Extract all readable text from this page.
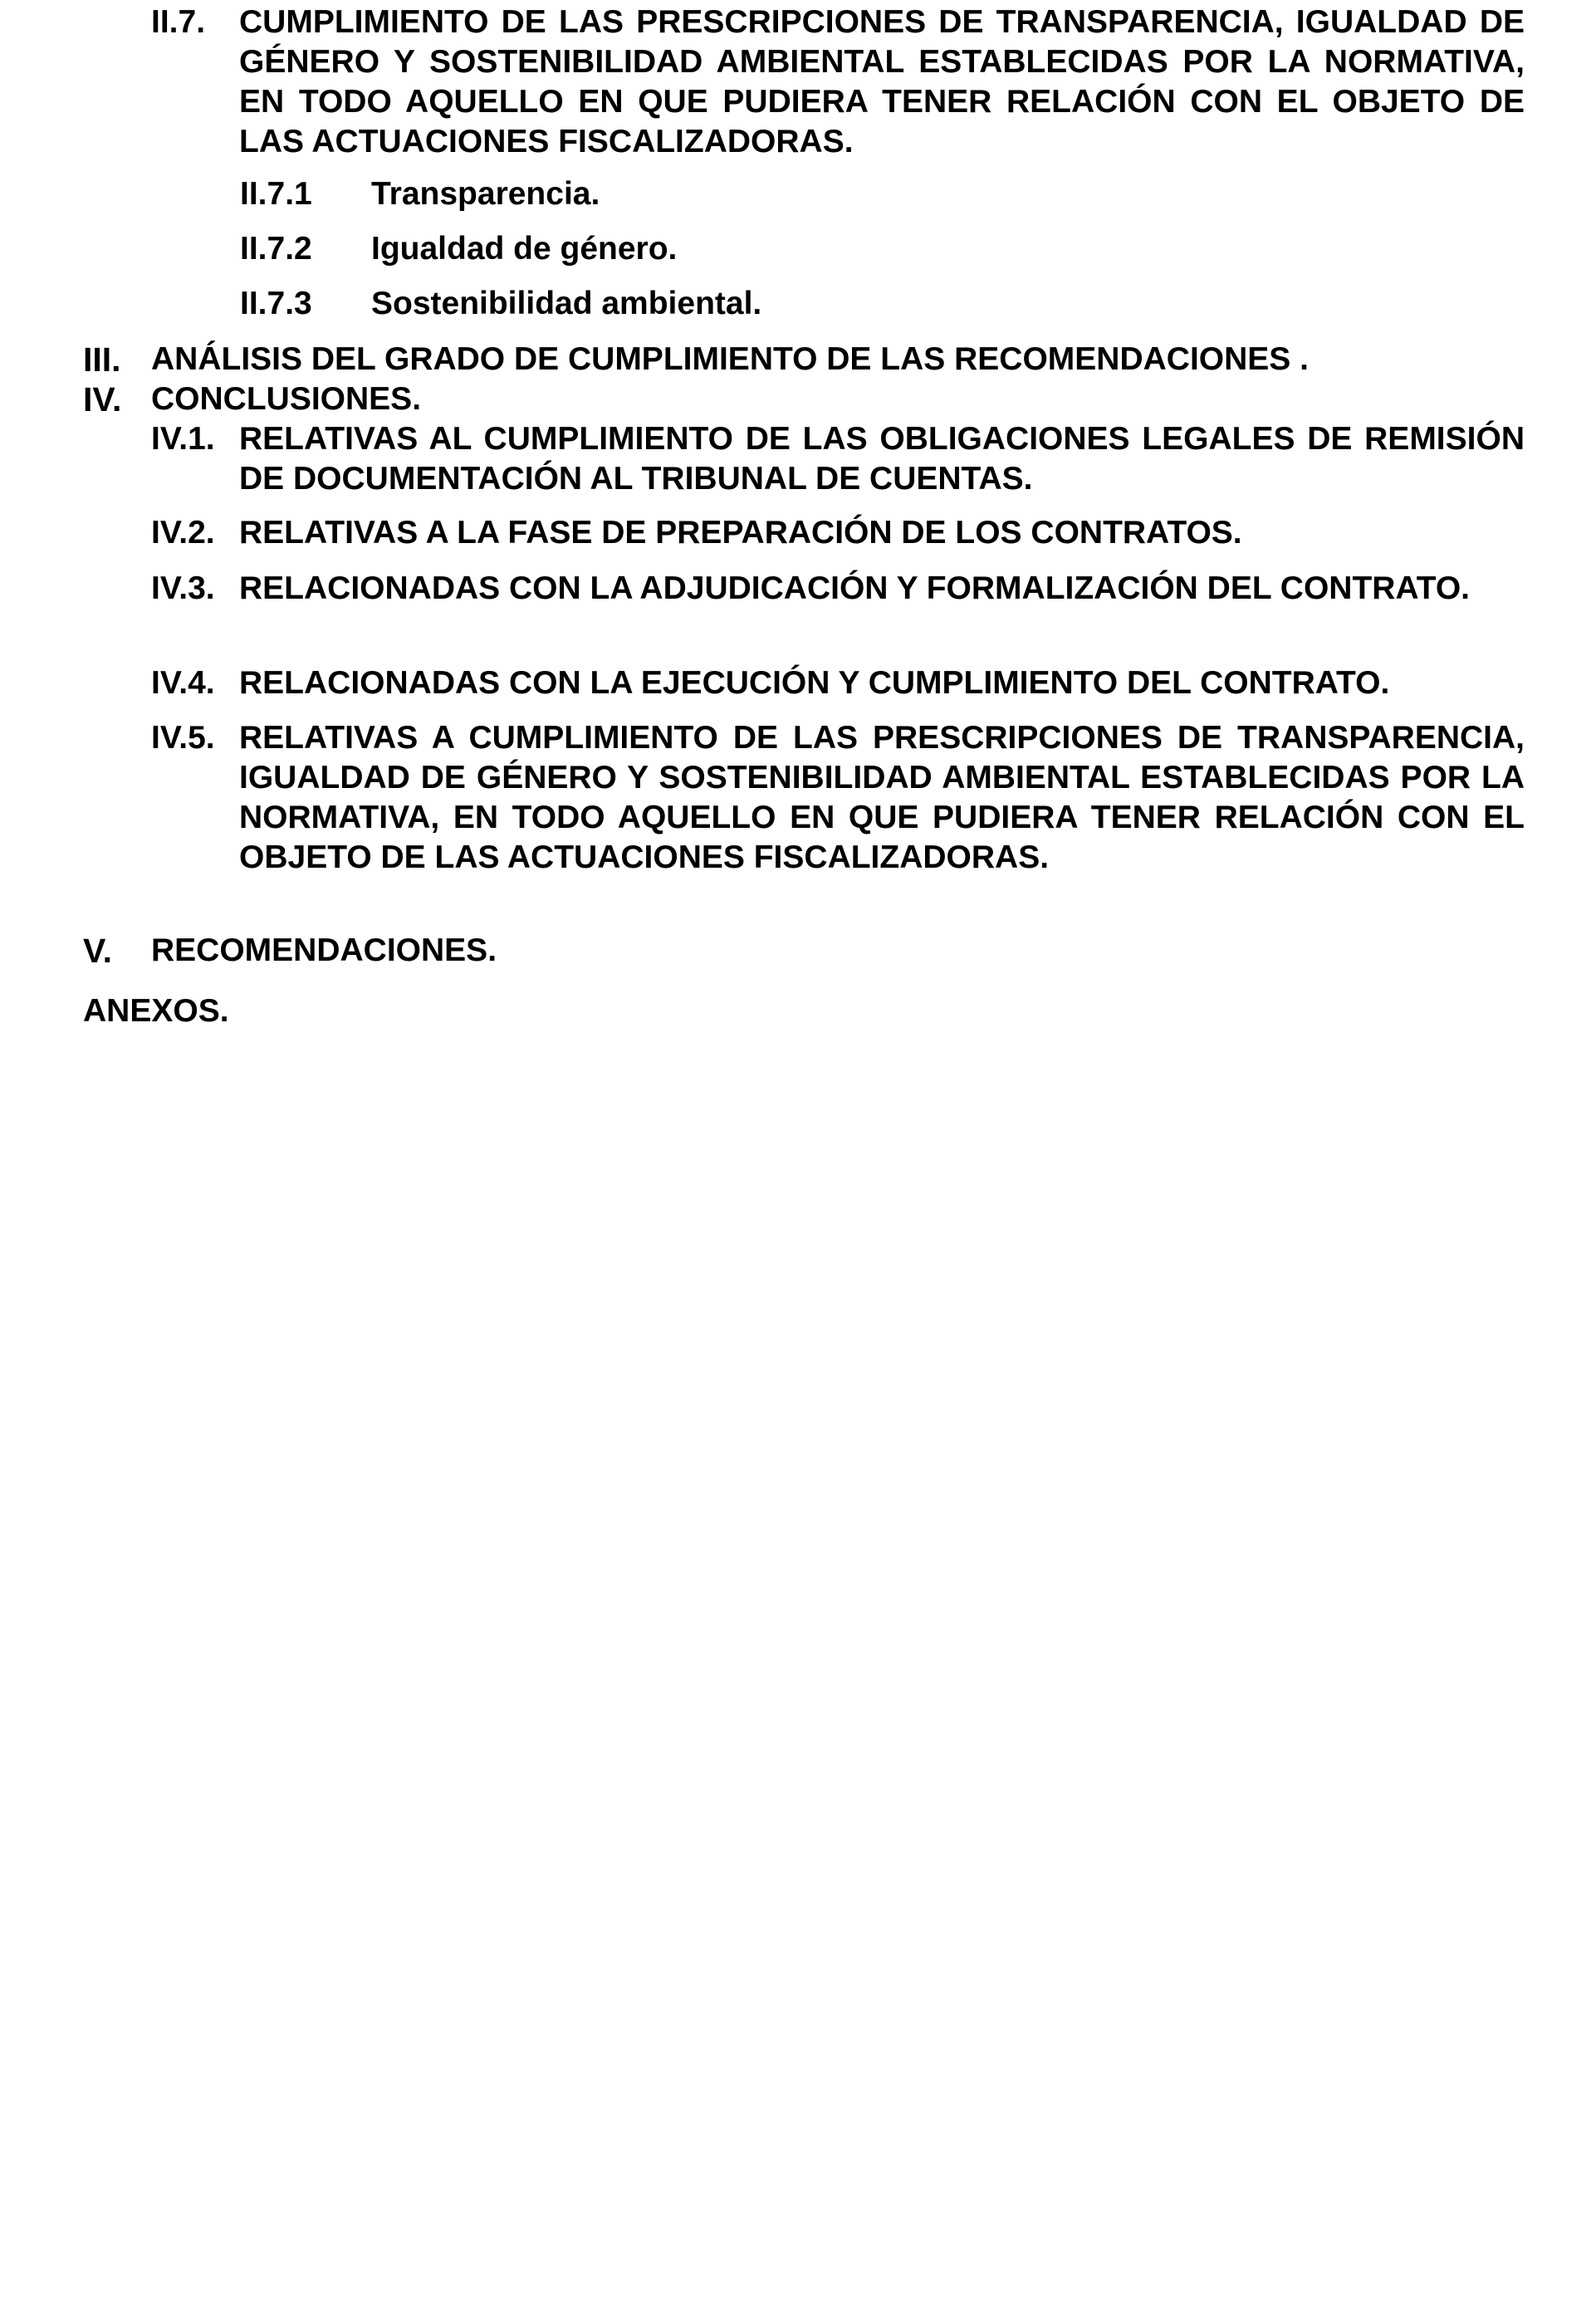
II.7.	CUMPLIMIENTO DE LAS PRESCRIPCIONES DE TRANSPARENCIA, IGUALDAD DE GÉNERO Y SOSTENIBILIDAD AMBIENTAL ESTABLECIDAS POR LA NORMATIVA, EN TODO AQUELLO EN QUE PUDIERA TENER RELACIÓN CON EL OBJETO DE LAS ACTUACIONES FISCALIZADORAS.
II.7.1	Transparencia.
II.7.2	Igualdad de género.
II.7.3	Sostenibilidad ambiental.
III. ANÁLISIS DEL GRADO DE CUMPLIMIENTO DE LAS RECOMENDACIONES .
IV. CONCLUSIONES.
IV.1. RELATIVAS AL CUMPLIMIENTO DE LAS OBLIGACIONES LEGALES DE REMISIÓN DE DOCUMENTACIÓN AL TRIBUNAL DE CUENTAS.
IV.2. RELATIVAS A LA FASE DE PREPARACIÓN DE LOS CONTRATOS.
IV.3. RELACIONADAS CON LA ADJUDICACIÓN Y FORMALIZACIÓN DEL CONTRATO.
IV.4. RELACIONADAS CON LA EJECUCIÓN Y CUMPLIMIENTO DEL CONTRATO.
IV.5. RELATIVAS A CUMPLIMIENTO DE LAS PRESCRIPCIONES DE TRANSPARENCIA, IGUALDAD DE GÉNERO Y SOSTENIBILIDAD AMBIENTAL ESTABLECIDAS POR LA NORMATIVA, EN TODO AQUELLO EN QUE PUDIERA TENER RELACIÓN CON EL OBJETO DE LAS ACTUACIONES FISCALIZADORAS.
V.	RECOMENDACIONES.
ANEXOS.
